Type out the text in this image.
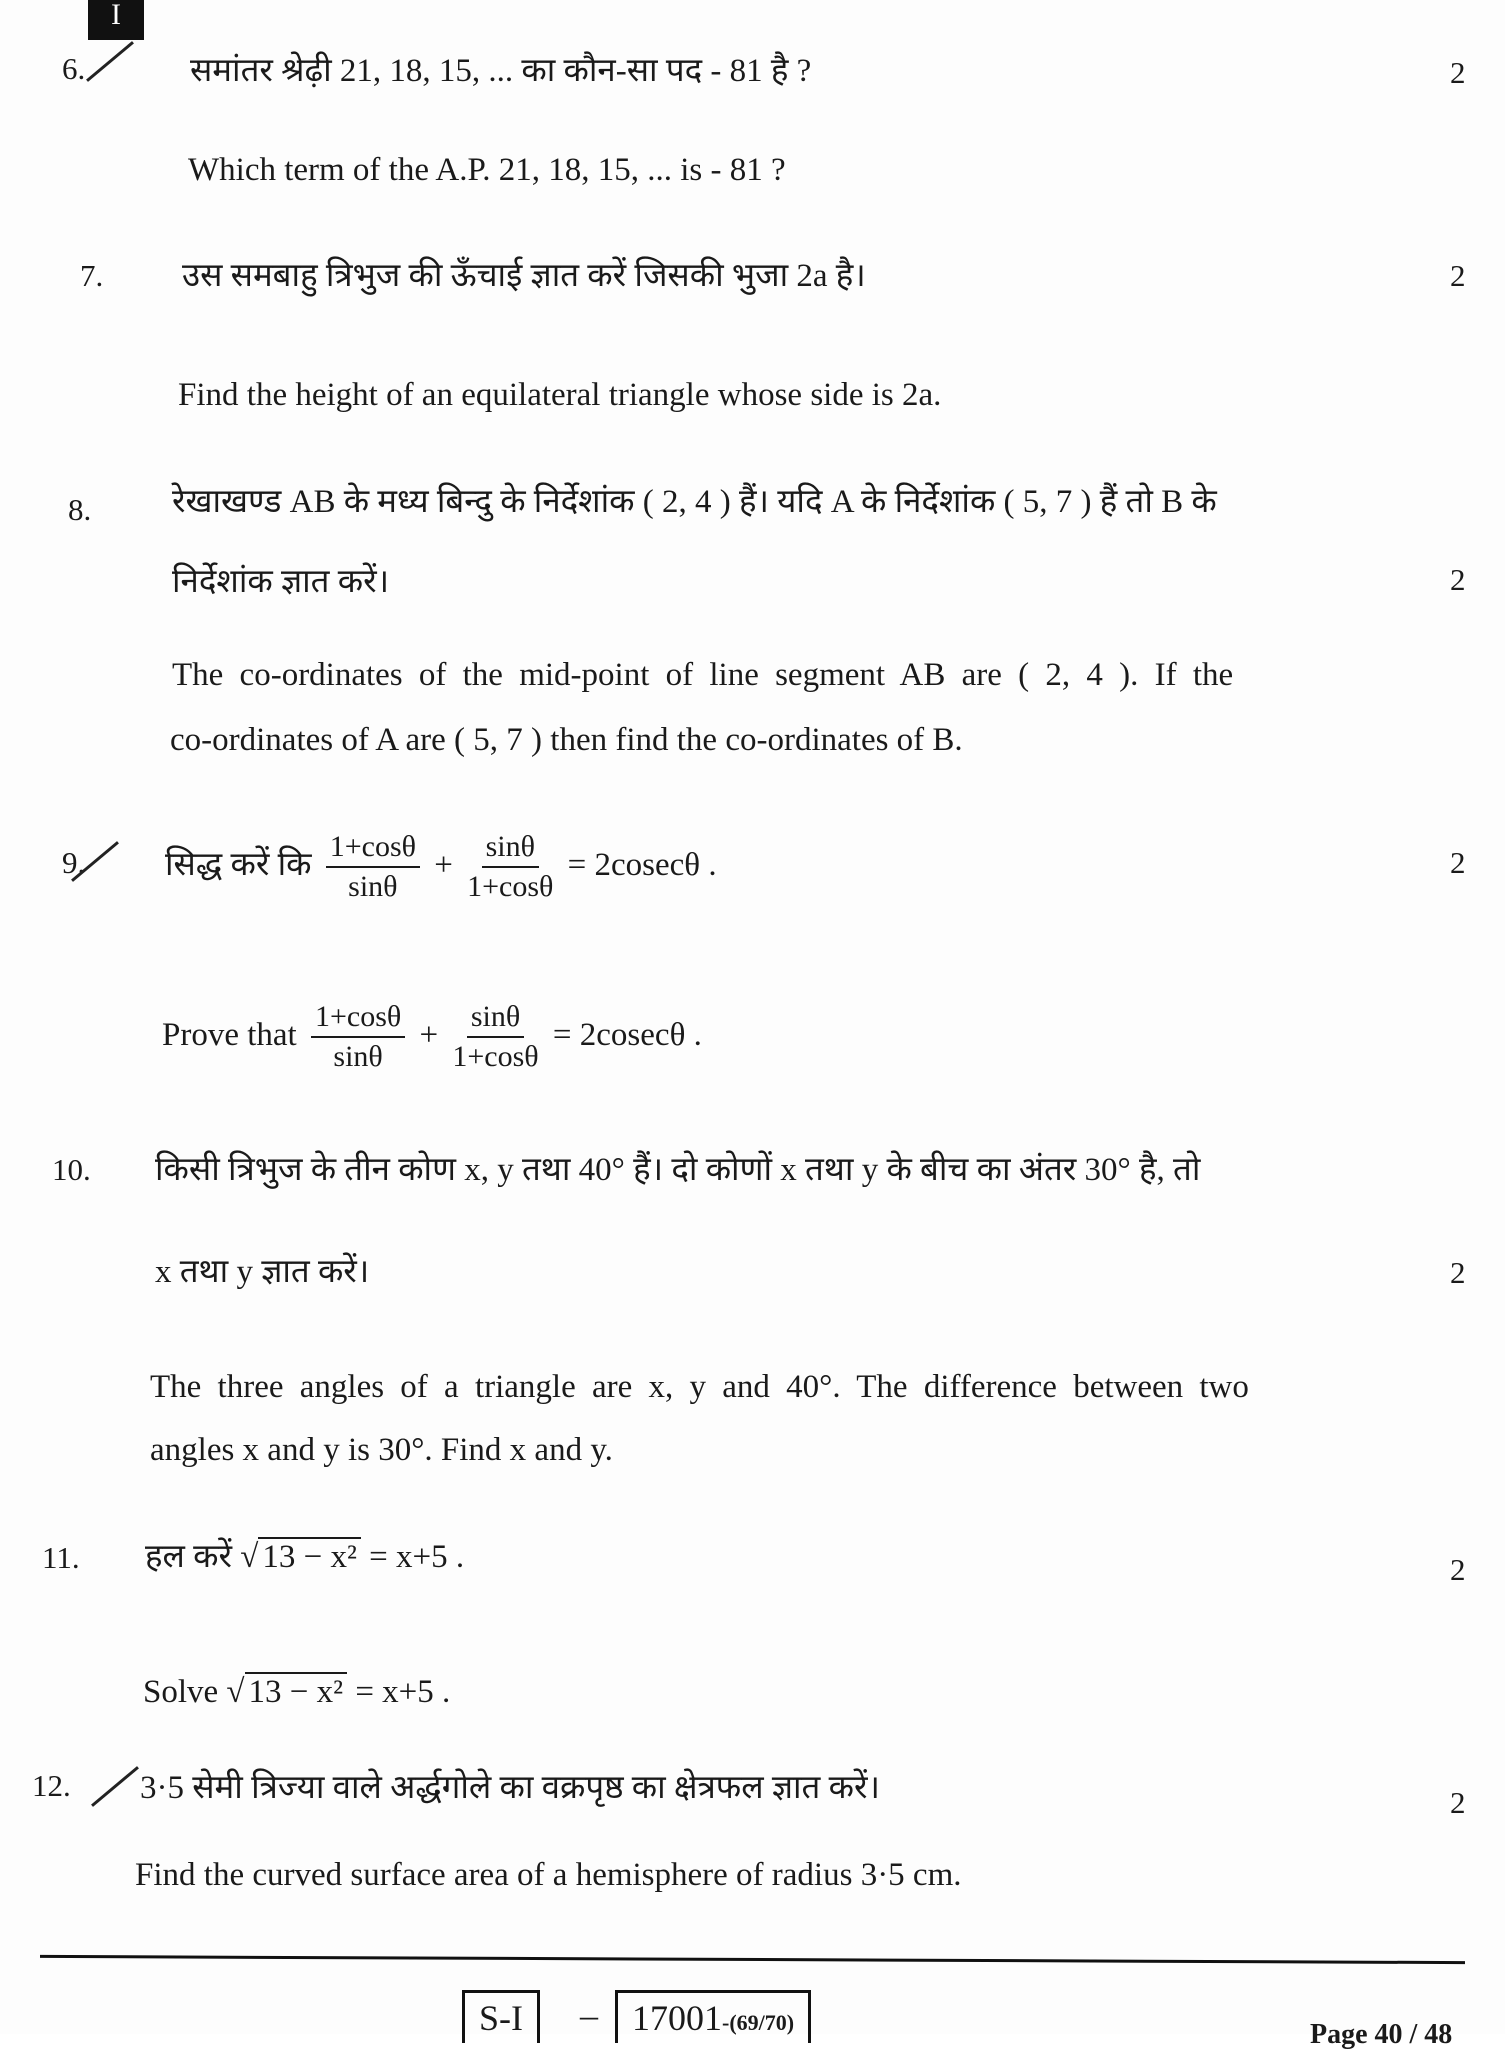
I
6.	समांतर श्रेढ़ी 21, 18, 15, ... का कौन-सा पद - 81 है ?	2
Which term of the A.P. 21, 18, 15, ... is - 81 ?
7. उस समबाहु त्रिभुज की ऊँचाई ज्ञात करें जिसकी भुजा 2a है।	2
Find the height of an equilateral triangle whose side is 2a.
8. रेखाखण्ड AB के मध्य बिन्दु के निर्देशांक ( 2, 4 ) हैं। यदि A के निर्देशांक ( 5, 7 ) हैं तो B के
निर्देशांक ज्ञात करें।	2
The co-ordinates of the mid-point of line segment AB are ( 2, 4 ). If the
co-ordinates of A are ( 5, 7 ) then find the co-ordinates of B.
9. सिद्ध करें कि $\frac{1+\cos\theta}{\sin\theta} + \frac{\sin\theta}{1+\cos\theta} = 2cosec\theta$ .	2
Prove that $\frac{1+\cos\theta}{\sin\theta} + \frac{\sin\theta}{1+\cos\theta} = 2cosec\theta$ .
10. किसी त्रिभुज के तीन कोण x, y तथा 40° हैं। दो कोणों x तथा y के बीच का अंतर 30° है, तो
x तथा y ज्ञात करें।	2
The three angles of a triangle are x, y and 40°. The difference between two
angles x and y is 30°. Find x and y.
11. हल करें √ 13 − x² = x+5 .	2
Solve √ 13 − x² = x+5 .
12. 3·5 सेमी त्रिज्या वाले अर्द्धगोले का वक्रपृष्ठ का क्षेत्रफल ज्ञात करें।	2
Find the curved surface area of a hemisphere of radius 3·5 cm.
S-I	– 17001-(69/70)	Page 40 / 48
